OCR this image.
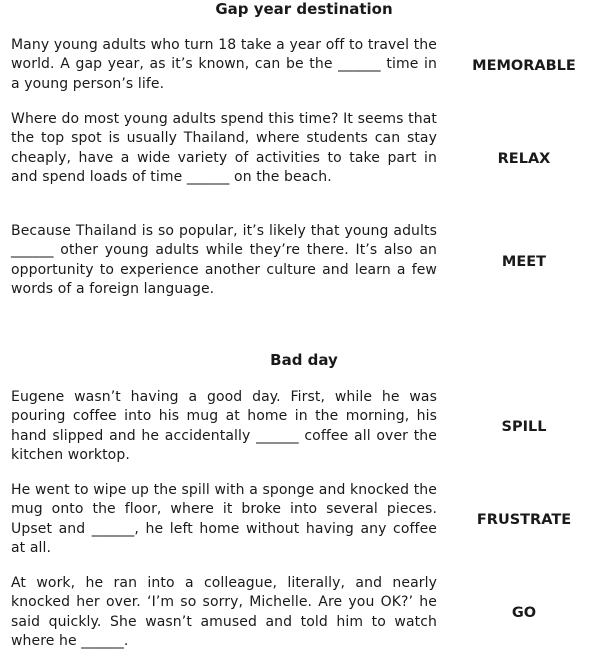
Gap year destination
Many young adults who turn 18 take a year off to travel the world. A gap year, as it’s known, can be the ______ time in a young person’s life.
MEMORABLE
Where do most young adults spend this time? It seems that the top spot is usually Thailand, where students can stay cheaply, have a wide variety of activities to take part in and spend loads of time ______ on the beach.
RELAX
Because Thailand is so popular, it’s likely that young adults ______ other young adults while they’re there. It’s also an opportunity to experience another culture and learn a few words of a foreign language.
MEET
Bad day
Eugene wasn’t having a good day. First, while he was pouring coffee into his mug at home in the morning, his hand slipped and he accidentally ______ coffee all over the kitchen worktop.
SPILL
He went to wipe up the spill with a sponge and knocked the mug onto the floor, where it broke into several pieces. Upset and ______, he left home without having any coffee at all.
FRUSTRATE
At work, he ran into a colleague, literally, and nearly knocked her over. ‘I’m so sorry, Michelle. Are you OK?’ he said quickly. She wasn’t amused and told him to watch where he ______.
GO
